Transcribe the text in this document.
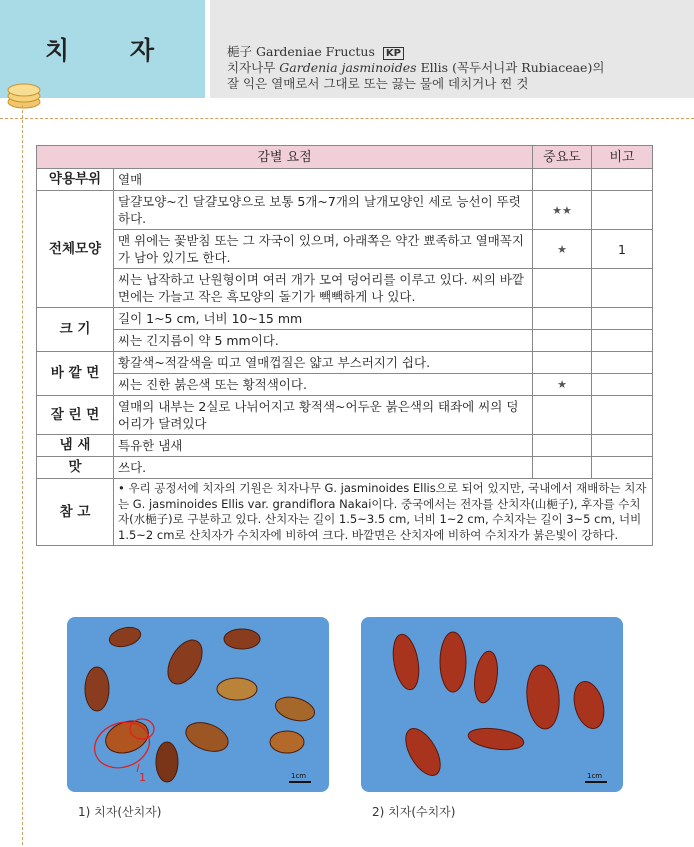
치 자	梔子 Gardeniae Fructus KP
치자나무 Gardenia jasminoides Ellis (꼭두서니과 Rubiaceae)의
잘 익은 열매로서 그대로 또는 끓는 물에 데치거나 찐 것
감별 요점		중요도	비고
약용부위	열매		
전체모양	달걀모양~긴 달걀모양으로 보통 5개~7개의 날개모양인 세로 능선이 뚜렷하다.	★★	
	맨 위에는 꽃받침 또는 그 자국이 있으며, 아래쪽은 약간 뾰족하고 열매꼭지가 남아 있기도 한다.	★	1
	씨는 납작하고 난원형이며 여러 개가 모여 덩어리를 이루고 있다. 씨의 바깥면에는 가늘고 작은 흑모양의 돌기가 빽빽하게 나 있다.		
크 기	길이 1~5 cm, 너비 10~15 mm		
	씨는 긴지름이 약 5 mm이다.		
바 깥 면	황갈색~적갈색을 띠고 열매껍질은 얇고 부스러지기 쉽다.		
	씨는 진한 붉은색 또는 황적색이다.	★	
잘 린 면	열매의 내부는 2실로 나뉘어지고 황적색~어두운 붉은색의 태좌에 씨의 덩어리가 달려있다		
냄 새	특유한 냄새		
맛	쓰다.		
참 고	• 우리 공정서에 치자의 기원은 치자나무 G. jasminoides Ellis으로 되어 있지만, 국내에서 재배하는 치자는 G. jasminoides Ellis var. grandiflora Nakai이다. 중국에서는 전자를 산치자(山梔子), 후자를 수치자(水梔子)로 구분하고 있다. 산치자는 길이 1.5~3.5 cm, 너비 1~2 cm, 수치자는 길이 3~5 cm, 너비 1.5~2 cm로 산치자가 수치자에 비하여 크다. 바깥면은 산치자에 비하여 수치자가 붉은빛이 강하다.		
1	1cm	1cm
1) 치자(산치자)	2) 치자(수치자)
